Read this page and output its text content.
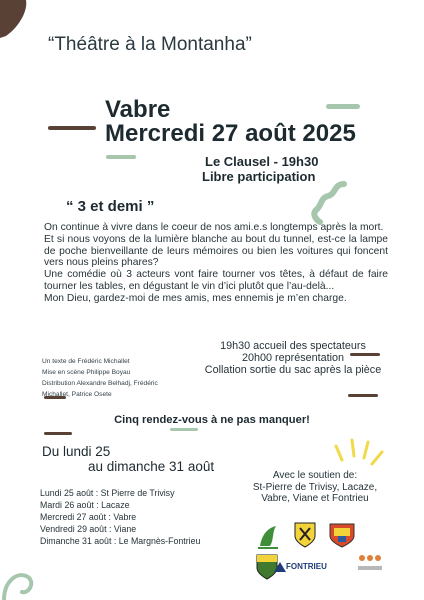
“Théâtre à la Montanha”
Vabre
Mercredi 27 août 2025
Le Clausel - 19h30
Libre participation
“ 3 et demi ”

On continue à vivre dans le coeur de nos ami.e.s longtemps après la mort.

Et si nous voyons de la lumière blanche au bout du tunnel, est-ce la lampe de poche bienveillante de leurs mémoires ou bien les voitures qui foncent vers nous pleins phares?

Une comédie où 3 acteurs vont faire tourner vos têtes, à défaut de faire tourner les tables, en dégustant le vin d’ici plutôt que l’au-delà...

Mon Dieu, gardez-moi de mes amis, mes ennemis je m’en charge.

Un texte de Frédéric Michallet
Mise en scène Philippe Boyau
Distribution Alexandre Belhadj, Frédéric
Michallet, Patrice Osete
19h30 accueil des spectateurs
20h00 représentation
Collation sortie du sac après la pièce
Cinq rendez-vous à ne pas manquer!
Du lundi 25
au dimanche 31 août
Lundi 25 août : St Pierre de Trivisy
Mardi 26 août : Lacaze
Mercredi 27 août : Vabre
Vendredi 29 août : Viane
Dimanche 31 août : Le Margnès-Fontrieu
Avec le soutien de:
St-Pierre de Trivisy, Lacaze,
Vabre, Viane et Fontrieu
FONTRIEU
